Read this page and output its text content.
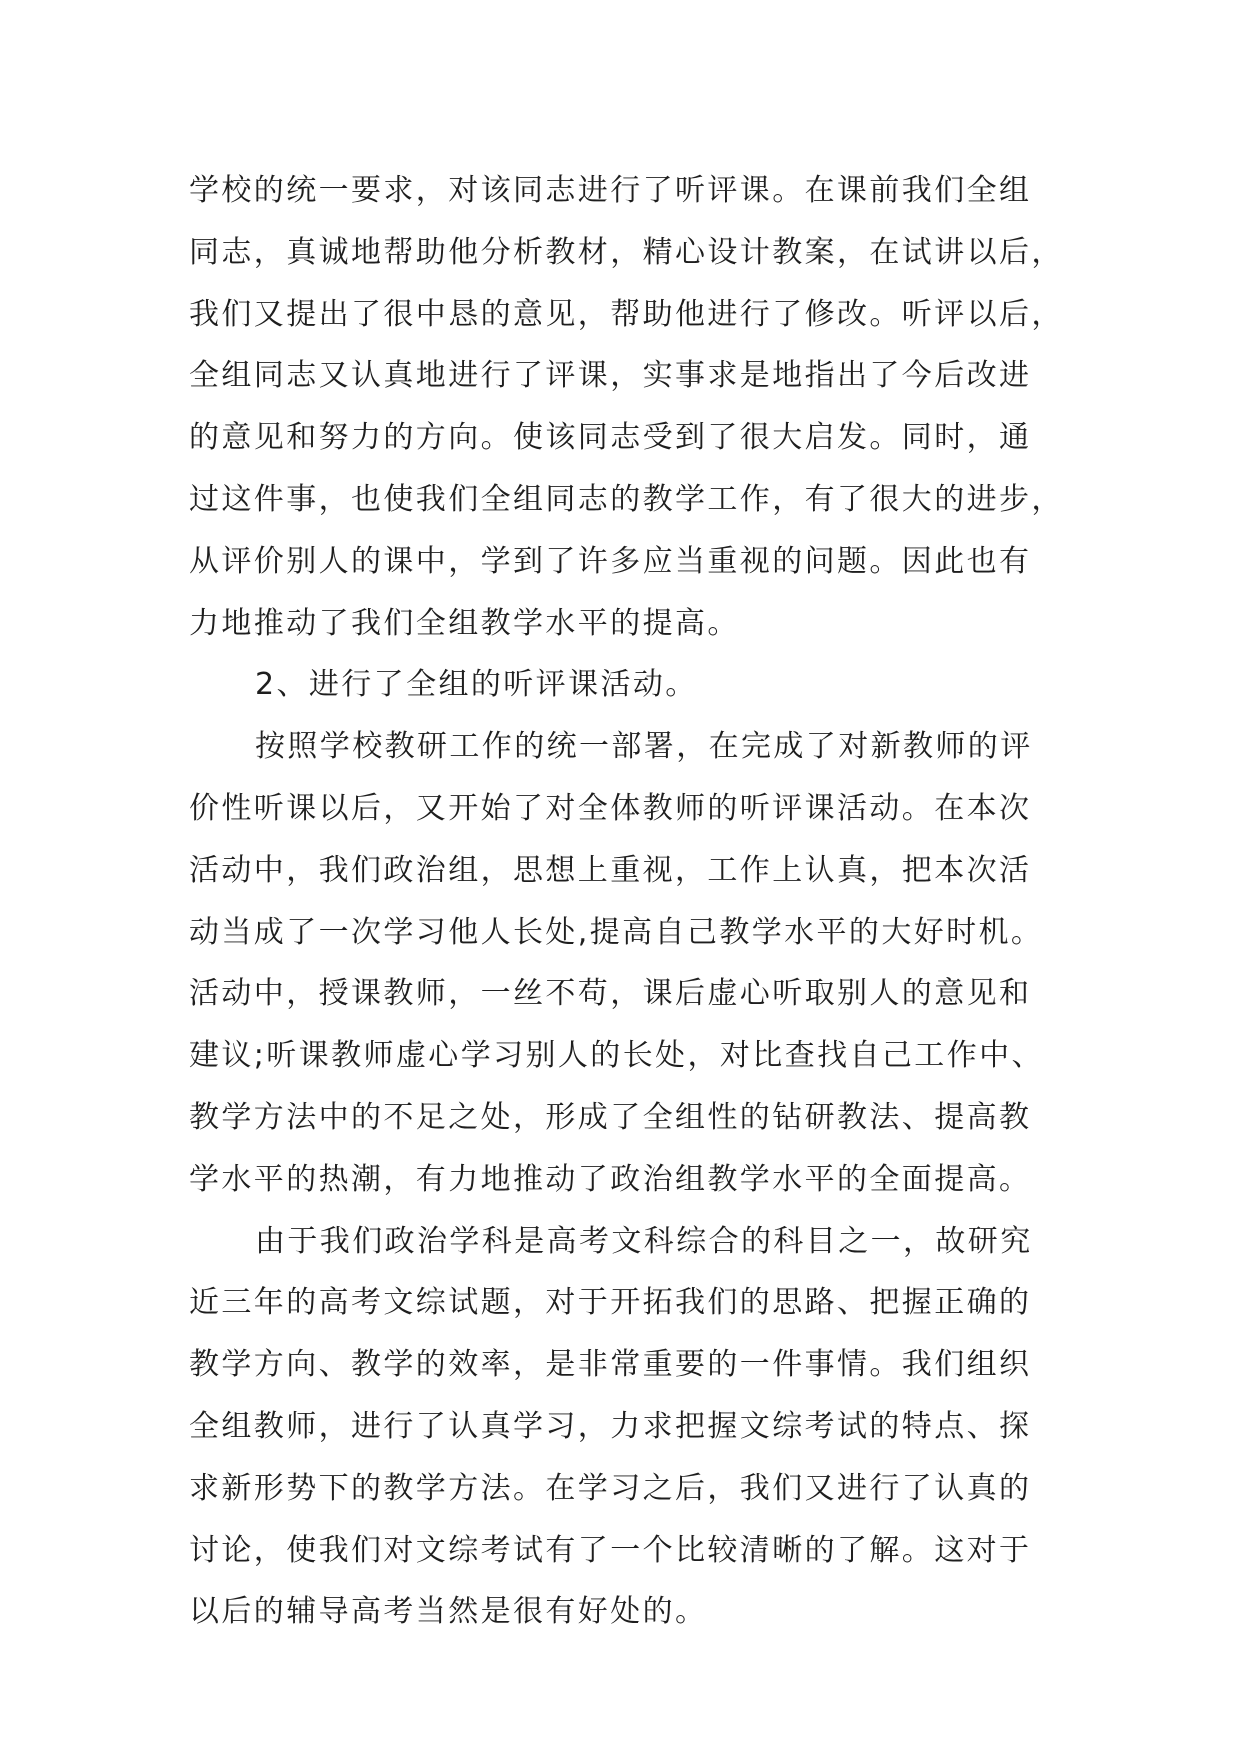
学校的统一要求，对该同志进行了听评课。在课前我们全组
同志，真诚地帮助他分析教材，精心设计教案，在试讲以后，
我们又提出了很中恳的意见，帮助他进行了修改。听评以后，
全组同志又认真地进行了评课，实事求是地指出了今后改进
的意见和努力的方向。使该同志受到了很大启发。同时，通
过这件事，也使我们全组同志的教学工作，有了很大的进步，
从评价别人的课中，学到了许多应当重视的问题。因此也有
力地推动了我们全组教学水平的提高。
2、进行了全组的听评课活动。
按照学校教研工作的统一部署，在完成了对新教师的评
价性听课以后，又开始了对全体教师的听评课活动。在本次
活动中，我们政治组，思想上重视，工作上认真，把本次活
动当成了一次学习他人长处,提高自己教学水平的大好时机。
活动中，授课教师，一丝不苟，课后虚心听取别人的意见和
建议;听课教师虚心学习别人的长处，对比查找自己工作中、
教学方法中的不足之处，形成了全组性的钻研教法、提高教
学水平的热潮，有力地推动了政治组教学水平的全面提高。
由于我们政治学科是高考文科综合的科目之一，故研究
近三年的高考文综试题，对于开拓我们的思路、把握正确的
教学方向、教学的效率，是非常重要的一件事情。我们组织
全组教师，进行了认真学习，力求把握文综考试的特点、探
求新形势下的教学方法。在学习之后，我们又进行了认真的
讨论，使我们对文综考试有了一个比较清晰的了解。这对于
以后的辅导高考当然是很有好处的。
